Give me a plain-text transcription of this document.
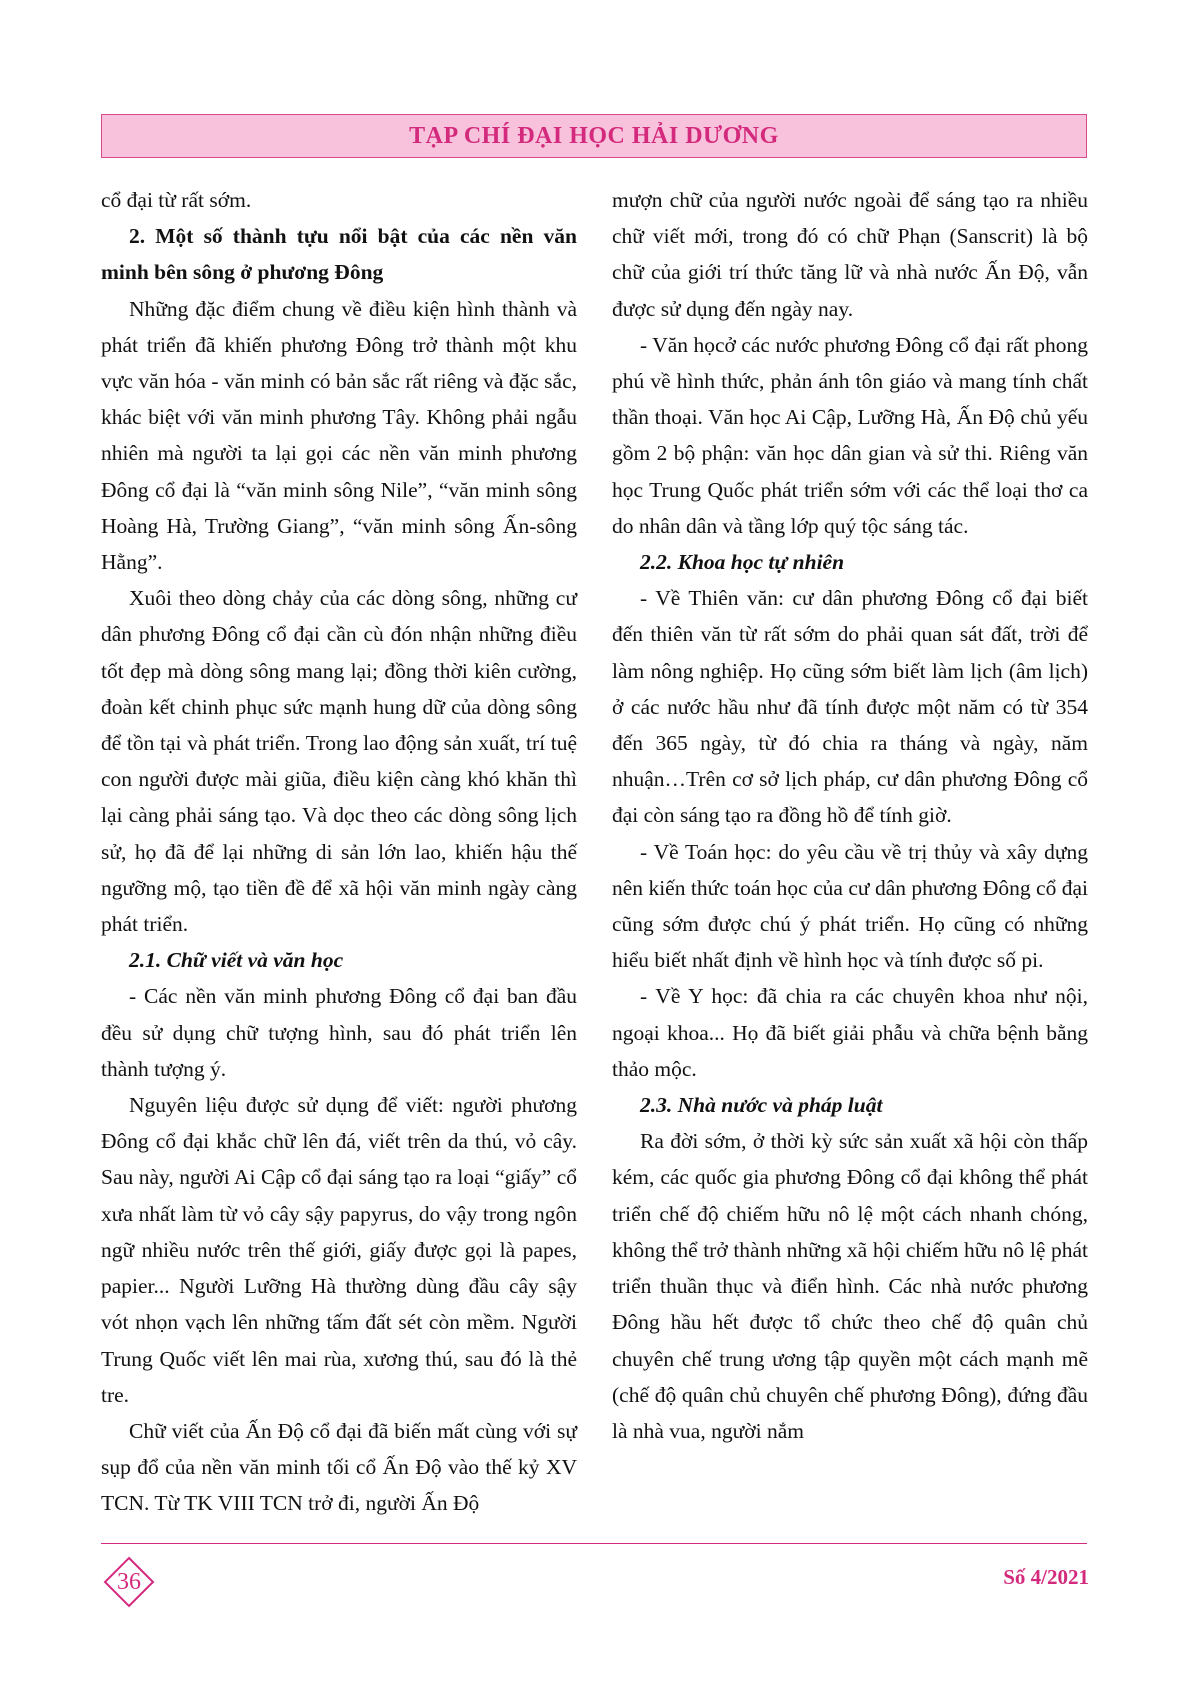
TẠP CHÍ ĐẠI HỌC HẢI DƯƠNG

cổ đại từ rất sớm.

2. Một số thành tựu nổi bật của các nền văn minh bên sông ở phương Đông

Những đặc điểm chung về điều kiện hình thành và phát triển đã khiến phương Đông trở thành một khu vực văn hóa - văn minh có bản sắc rất riêng và đặc sắc, khác biệt với văn minh phương Tây. Không phải ngẫu nhiên mà người ta lại gọi các nền văn minh phương Đông cổ đại là “văn minh sông Nile”, “văn minh sông Hoàng Hà, Trường Giang”, “văn minh sông Ấn-sông Hằng”.

Xuôi theo dòng chảy của các dòng sông, những cư dân phương Đông cổ đại cần cù đón nhận những điều tốt đẹp mà dòng sông mang lại; đồng thời kiên cường, đoàn kết chinh phục sức mạnh hung dữ của dòng sông để tồn tại và phát triển. Trong lao động sản xuất, trí tuệ con người được mài giũa, điều kiện càng khó khăn thì lại càng phải sáng tạo. Và dọc theo các dòng sông lịch sử, họ đã để lại những di sản lớn lao, khiến hậu thế ngưỡng mộ, tạo tiền đề để xã hội văn minh ngày càng phát triển.

2.1. Chữ viết và văn học

- Các nền văn minh phương Đông cổ đại ban đầu đều sử dụng chữ tượng hình, sau đó phát triển lên thành tượng ý.

Nguyên liệu được sử dụng để viết: người phương Đông cổ đại khắc chữ lên đá, viết trên da thú, vỏ cây. Sau này, người Ai Cập cổ đại sáng tạo ra loại “giấy” cổ xưa nhất làm từ vỏ cây sậy papyrus, do vậy trong ngôn ngữ nhiều nước trên thế giới, giấy được gọi là papes, papier... Người Lưỡng Hà thường dùng đầu cây sậy vót nhọn vạch lên những tấm đất sét còn mềm. Người Trung Quốc viết lên mai rùa, xương thú, sau đó là thẻ tre.

Chữ viết của Ấn Độ cổ đại đã biến mất cùng với sự sụp đổ của nền văn minh tối cổ Ấn Độ vào thế kỷ XV TCN. Từ TK VIII TCN trở đi, người Ấn Độ

mượn chữ của người nước ngoài để sáng tạo ra nhiều chữ viết mới, trong đó có chữ Phạn (Sanscrit) là bộ chữ của giới trí thức tăng lữ và nhà nước Ấn Độ, vẫn được sử dụng đến ngày nay.

- Văn họcở các nước phương Đông cổ đại rất phong phú về hình thức, phản ánh tôn giáo và mang tính chất thần thoại. Văn học Ai Cập, Lưỡng Hà, Ấn Độ chủ yếu gồm 2 bộ phận: văn học dân gian và sử thi. Riêng văn học Trung Quốc phát triển sớm với các thể loại thơ ca do nhân dân và tầng lớp quý tộc sáng tác.

2.2. Khoa học tự nhiên

- Về Thiên văn: cư dân phương Đông cổ đại biết đến thiên văn từ rất sớm do phải quan sát đất, trời để làm nông nghiệp. Họ cũng sớm biết làm lịch (âm lịch) ở các nước hầu như đã tính được một năm có từ 354 đến 365 ngày, từ đó chia ra tháng và ngày, năm nhuận…Trên cơ sở lịch pháp, cư dân phương Đông cổ đại còn sáng tạo ra đồng hồ để tính giờ.

- Về Toán học: do yêu cầu về trị thủy và xây dựng nên kiến thức toán học của cư dân phương Đông cổ đại cũng sớm được chú ý phát triển. Họ cũng có những hiểu biết nhất định về hình học và tính được số pi.

- Về Y học: đã chia ra các chuyên khoa như nội, ngoại khoa... Họ đã biết giải phẫu và chữa bệnh bằng thảo mộc.

2.3. Nhà nước và pháp luật

Ra đời sớm, ở thời kỳ sức sản xuất xã hội còn thấp kém, các quốc gia phương Đông cổ đại không thể phát triển chế độ chiếm hữu nô lệ một cách nhanh chóng, không thể trở thành những xã hội chiếm hữu nô lệ phát triển thuần thục và điển hình. Các nhà nước phương Đông hầu hết được tổ chức theo chế độ quân chủ chuyên chế trung ương tập quyền một cách mạnh mẽ (chế độ quân chủ chuyên chế phương Đông), đứng đầu là nhà vua, người nắm

36	Số 4/2021
